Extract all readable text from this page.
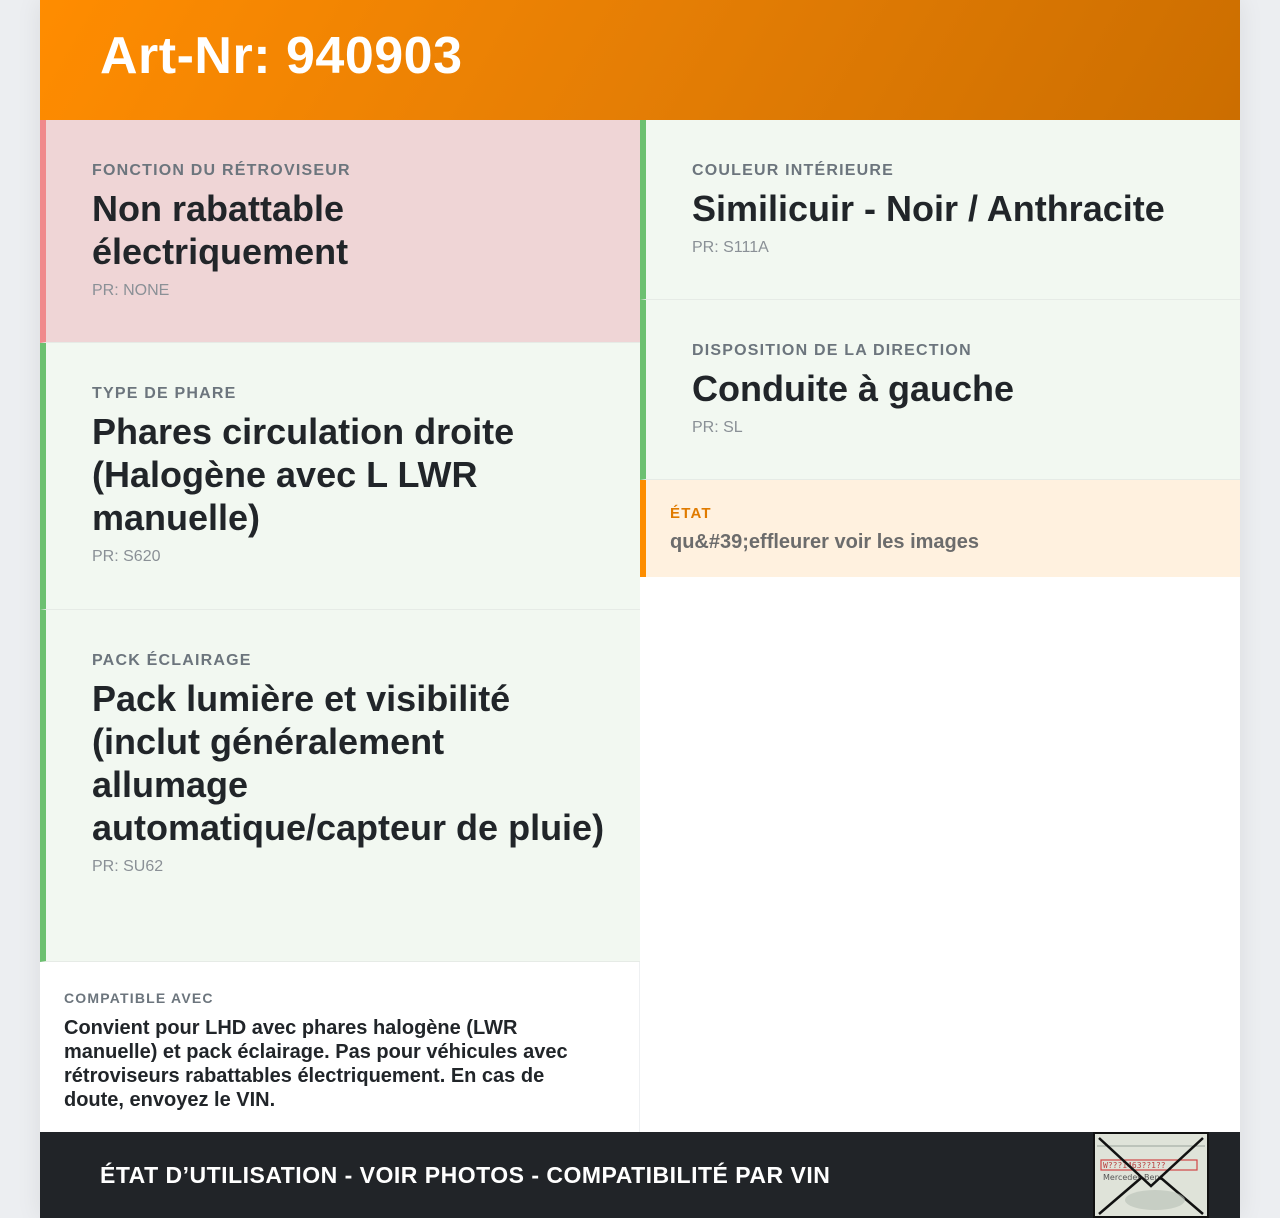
Art-Nr: 940903

FONCTION DU RÉTROVISEUR

Non rabattable électriquement

PR: NONE

TYPE DE PHARE

Phares circulation droite (Halogène avec L LWR manuelle)

PR: S620

PACK ÉCLAIRAGE

Pack lumière et visibilité (inclut généralement allumage automatique/capteur de pluie)

PR: SU62

COULEUR INTÉRIEURE

Similicuir - Noir / Anthracite

PR: S111A

DISPOSITION DE LA DIRECTION

Conduite à gauche

PR: SL

ÉTAT

qu&#39;effleurer voir les images

COMPATIBLE AVEC

Convient pour LHD avec phares halogène (LWR manuelle) et pack éclairage. Pas pour véhicules avec rétroviseurs rabattables électriquement. En cas de doute, envoyez le VIN.
ÉTAT D’UTILISATION - VOIR PHOTOS - COMPATIBILITÉ PAR VIN	W???1463??1??
Mercedes-Benz
